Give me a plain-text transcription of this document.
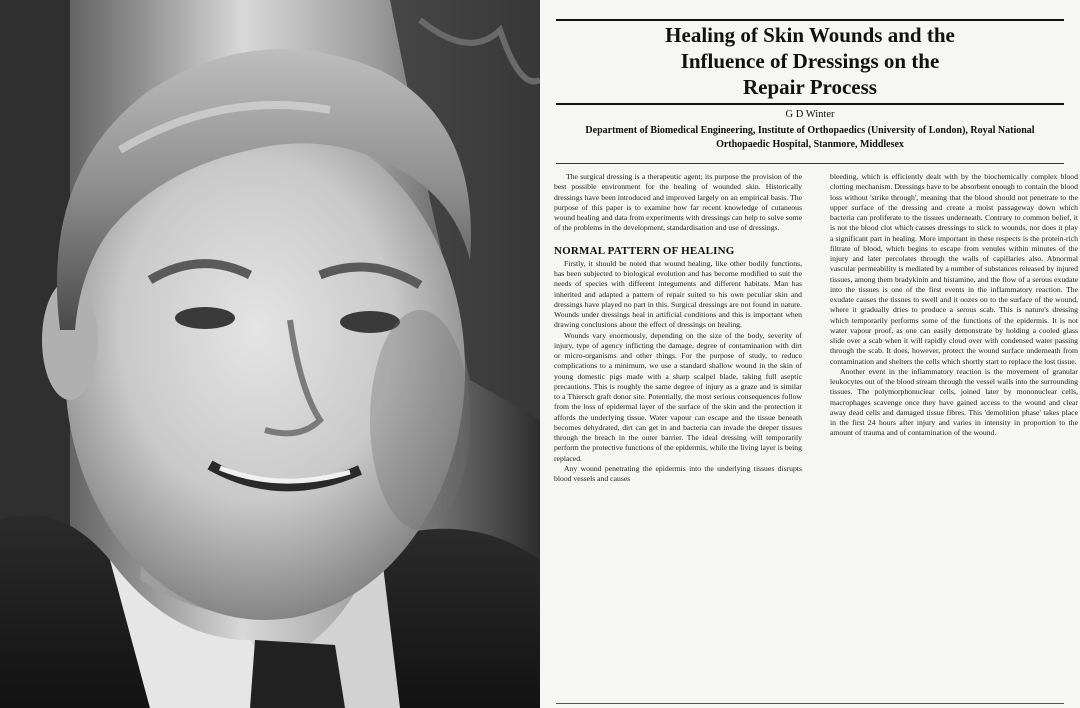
Healing of Skin Wounds and the
Influence of Dressings on the
Repair Process
G D Winter
Department of Biomedical Engineering, Institute of Orthopaedics (University of London), Royal National Orthopaedic Hospital, Stanmore, Middlesex

The surgical dressing is a therapeutic agent; its purpose the provision of the best possible environment for the healing of wounded skin. Historically dressings have been introduced and improved largely on an empirical basis. The purpose of this paper is to examine how far recent knowledge of cutaneous wound healing and data from experiments with dressings can help to solve some of the problems in the development, standardisation and use of dressings.

NORMAL PATTERN OF HEALING

Firstly, it should be noted that wound healing, like other bodily functions, has been subjected to biological evolution and has become modified to suit the needs of species with different integuments and different habitats. Man has inherited and adapted a pattern of repair suited to his own peculiar skin and dressings have played no part in this. Surgical dressings are not found in nature. Wounds under dressings heal in artificial conditions and this is important when drawing conclusions about the effect of dressings on healing.

Wounds vary enormously, depending on the size of the body, severity of injury, type of agency inflicting the damage, degree of contamination with dirt or micro-organisms and other things. For the purpose of study, to reduce complications to a minimum, we use a standard shallow wound in the skin of young domestic pigs made with a sharp scalpel blade, taking full aseptic precautions. This is roughly the same degree of injury as a graze and is similar to a Thiersch graft donor site. Potentially, the most serious consequences follow from the loss of epidermal layer of the surface of the skin and the protection it affords the underlying tissue. Water vapour can escape and the tissue beneath becomes dehydrated, dirt can get in and bacteria can invade the deeper tissues through the breach in the outer barrier. The ideal dressing will temporarily perform the protective functions of the epidermis, while the living layer is being replaced.

Any wound penetrating the epidermis into the underlying tissues disrupts blood vessels and causes

bleeding, which is efficiently dealt with by the biochemically complex blood clotting mechanism. Dressings have to be absorbent enough to contain the blood loss without 'strike through', meaning that the blood should not penetrate to the upper surface of the dressing and create a moist passageway down which bacteria can proliferate to the tissues underneath. Contrary to common belief, it is not the blood clot which causes dressings to stick to wounds, nor does it play a significant part in healing. More important in these respects is the protein-rich filtrate of blood, which begins to escape from venules within minutes of the injury and later percolates through the walls of capillaries also. Abnormal vascular permeability is mediated by a number of substances released by injured tissues, among them bradykinin and histamine, and the flow of a serous exudate into the tissues is one of the first events in the inflammatory reaction. The exudate causes the tissues to swell and it oozes on to the surface of the wound, where it gradually dries to produce a serous scab. This is nature's dressing which temporarily performs some of the functions of the epidermis. It is not water vapour proof, as one can easily demonstrate by holding a cooled glass slide over a scab when it will rapidly cloud over with condensed water passing through the scab. It does, however, protect the wound surface underneath from contamination and shelters the cells which shortly start to replace the lost tissue.

Another event in the inflammatory reaction is the movement of granular leukocytes out of the blood stream through the vessel walls into the surrounding tissues. The polymorphonuclear cells, joined later by mononuclear cells, macrophages scavenge once they have gained access to the wound and clear away dead cells and damaged tissue fibres. This 'demolition phase' takes place in the first 24 hours after injury and varies in intensity in proportion to the amount of trauma and of contamination of the wound.
